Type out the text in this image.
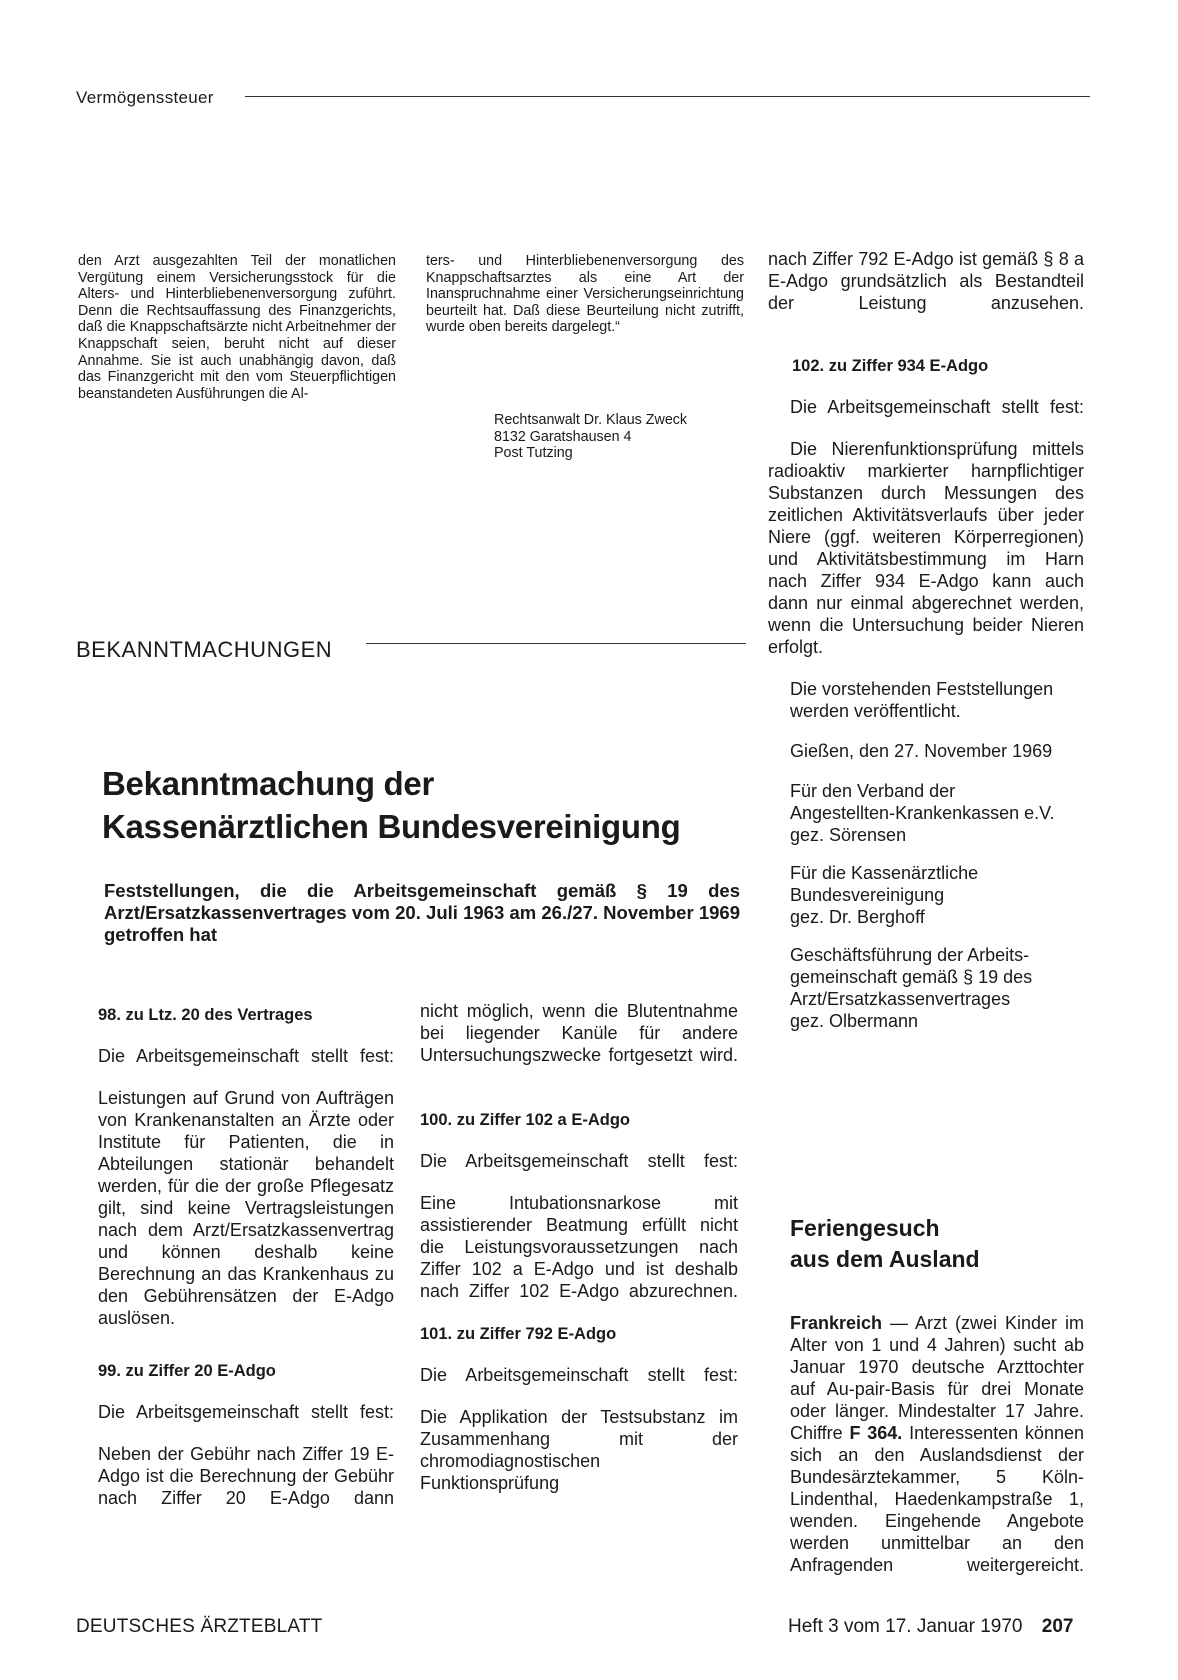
Vermögenssteuer

den Arzt ausgezahlten Teil der monatlichen Vergütung einem Versicherungsstock für die Alters- und Hinterbliebenenversorgung zuführt. Denn die Rechtsauffassung des Finanzgerichts, daß die Knappschaftsärzte nicht Arbeitnehmer der Knappschaft seien, beruht nicht auf dieser Annahme. Sie ist auch unabhängig davon, daß das Finanzgericht mit den vom Steuerpflichtigen beanstandeten Ausführungen die Al-

ters- und Hinterbliebenenversorgung des Knappschaftsarztes als eine Art der Inanspruchnahme einer Versicherungseinrichtung beurteilt hat. Daß diese Beurteilung nicht zutrifft, wurde oben bereits dargelegt.“

Rechtsanwalt Dr. Klaus Zweck
8132 Garatshausen 4
Post Tutzing
BEKANNTMACHUNGEN
Bekanntmachung der
Kassenärztlichen Bundesvereinigung

Feststellungen, die die Arbeitsgemeinschaft gemäß § 19 des Arzt/Ersatzkassenvertrages vom 20. Juli 1963 am 26./27. November 1969 getroffen hat

98. zu Ltz. 20 des Vertrages

Die Arbeitsgemeinschaft stellt fest:

Leistungen auf Grund von Aufträgen von Krankenanstalten an Ärzte oder Institute für Patienten, die in Abteilungen stationär behandelt werden, für die der große Pflegesatz gilt, sind keine Vertragsleistungen nach dem Arzt/Ersatzkassenvertrag und können deshalb keine Berechnung an das Krankenhaus zu den Gebührensätzen der E-Adgo auslösen.

99. zu Ziffer 20 E-Adgo

Die Arbeitsgemeinschaft stellt fest:

Neben der Gebühr nach Ziffer 19 E-Adgo ist die Berechnung der Gebühr nach Ziffer 20 E-Adgo dann

nicht möglich, wenn die Blutentnahme bei liegender Kanüle für andere Untersuchungszwecke fortgesetzt wird.

100. zu Ziffer 102 a E-Adgo

Die Arbeitsgemeinschaft stellt fest:

Eine Intubationsnarkose mit assistierender Beatmung erfüllt nicht die Leistungsvoraussetzungen nach Ziffer 102 a E-Adgo und ist deshalb nach Ziffer 102 E-Adgo abzurechnen.

101. zu Ziffer 792 E-Adgo

Die Arbeitsgemeinschaft stellt fest:

Die Applikation der Testsubstanz im Zusammenhang mit der chromodiagnostischen Funktionsprüfung

nach Ziffer 792 E-Adgo ist gemäß § 8 a E-Adgo grundsätzlich als Bestandteil der Leistung anzusehen.

102. zu Ziffer 934 E-Adgo

Die Arbeitsgemeinschaft stellt fest:

Die Nierenfunktionsprüfung mittels radioaktiv markierter harnpflichtiger Substanzen durch Messungen des zeitlichen Aktivitätsverlaufs über jeder Niere (ggf. weiteren Körperregionen) und Aktivitätsbestimmung im Harn nach Ziffer 934 E-Adgo kann auch dann nur einmal abgerechnet werden, wenn die Untersuchung beider Nieren erfolgt.

Die vorstehenden Feststellungen werden veröffentlicht.

Gießen, den 27. November 1969

Für den Verband der
Angestellten-Krankenkassen e.V.
gez. Sörensen
Für die Kassenärztliche
Bundesvereinigung
gez. Dr. Berghoff
Geschäftsführung der Arbeits-
gemeinschaft gemäß § 19 des
Arzt/Ersatzkassenvertrages
gez. Olbermann
Feriengesuch
aus dem Ausland

Frankreich — Arzt (zwei Kinder im Alter von 1 und 4 Jahren) sucht ab Januar 1970 deutsche Arzttochter auf Au-pair-Basis für drei Monate oder länger. Mindestalter 17 Jahre. Chiffre F 364. Interessenten können sich an den Auslandsdienst der Bundesärztekammer, 5 Köln-Lindenthal, Haedenkampstraße 1, wenden. Eingehende Angebote werden unmittelbar an den Anfragenden weitergereicht.

DEUTSCHES ÄRZTEBLATT	Heft 3 vom 17. Januar 1970 207
